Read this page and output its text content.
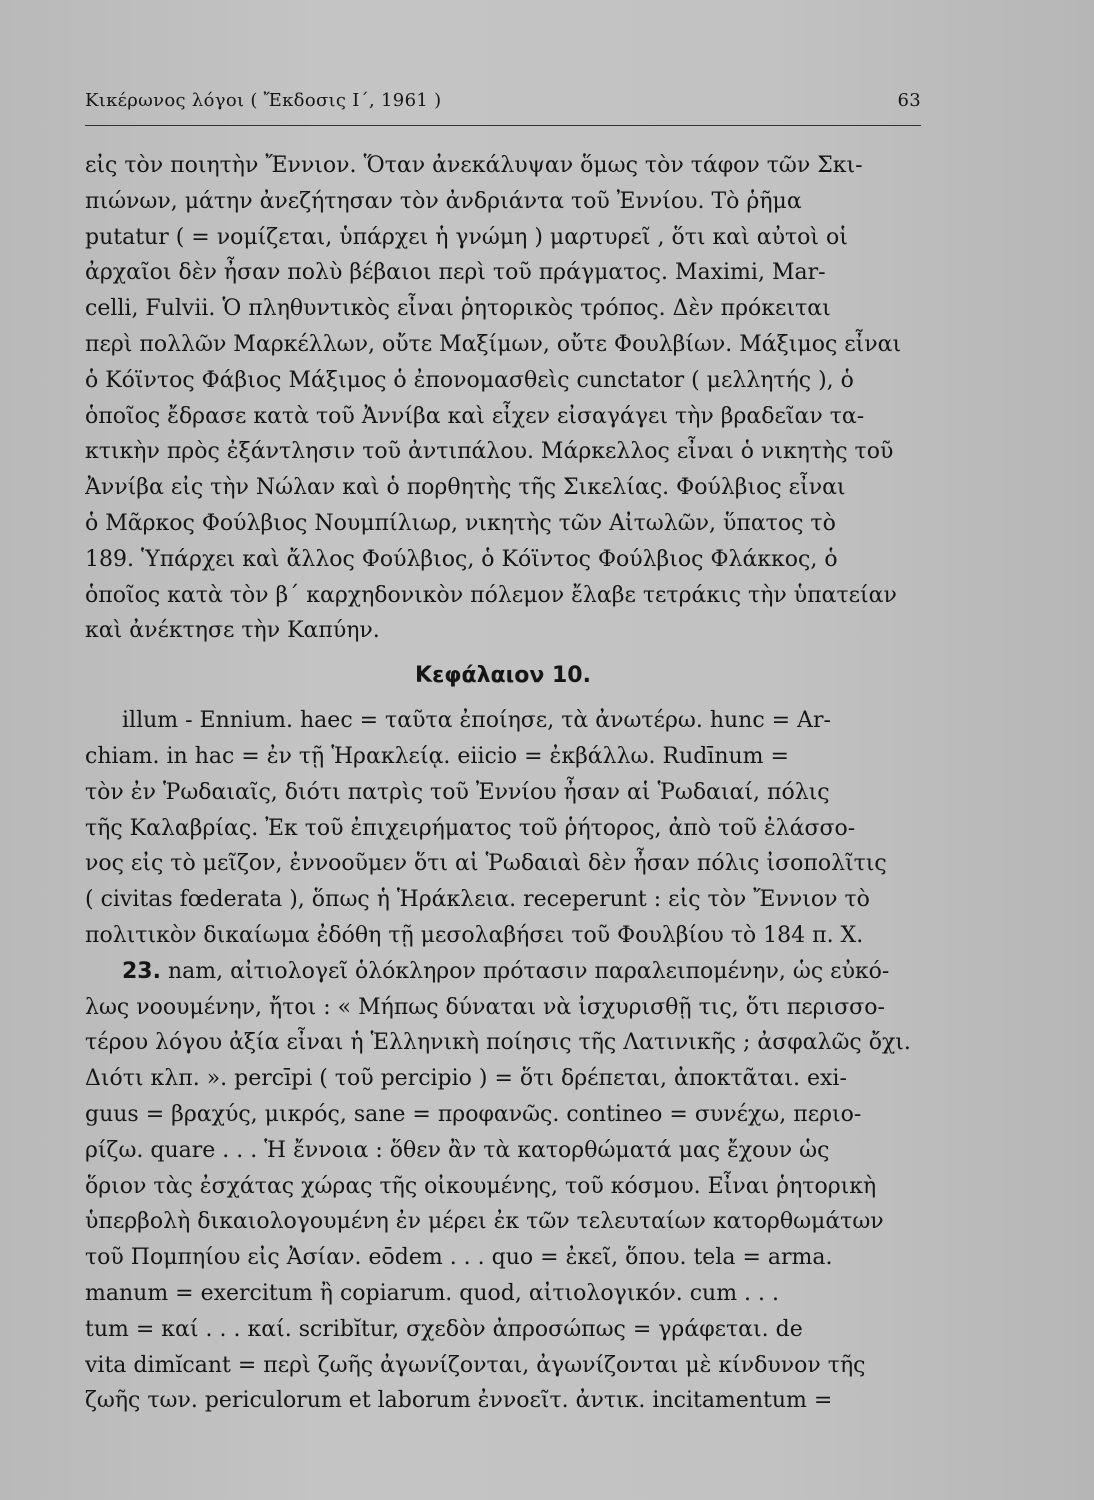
Κικέρωνος λόγοι ( Ἔκδοσις Ι΄, 1961 )	63
εἰς τὸν ποιητὴν Ἔννιον. Ὅταν ἀνεκάλυψαν ὅμως τὸν τάφον τῶν Σκι-
πιώνων, μάτην ἀνεζήτησαν τὸν ἀνδριάντα τοῦ Ἐννίου. Τὸ ῥῆμα
putatur ( = νομίζεται, ὑπάρχει ἡ γνώμη ) μαρτυρεῖ , ὅτι καὶ αὐτοὶ οἱ
ἀρχαῖοι δὲν ἦσαν πολὺ βέβαιοι περὶ τοῦ πράγματος. Maximi, Mar-
celli, Fulvii. Ὁ πληθυντικὸς εἶναι ῥητορικὸς τρόπος. Δὲν πρόκειται
περὶ πολλῶν Μαρκέλλων, οὔτε Μαξίμων, οὔτε Φουλβίων. Μάξιμος εἶναι
ὁ Κόϊντος Φάβιος Μάξιμος ὁ ἐπονομασθεὶς cunctator ( μελλητής ), ὁ
ὁποῖος ἔδρασε κατὰ τοῦ Ἀννίβα καὶ εἶχεν εἰσαγάγει τὴν βραδεῖαν τα-
κτικὴν πρὸς ἐξάντλησιν τοῦ ἀντιπάλου. Μάρκελλος εἶναι ὁ νικητὴς τοῦ
Ἀννίβα εἰς τὴν Νώλαν καὶ ὁ πορθητὴς τῆς Σικελίας. Φούλβιος εἶναι
ὁ Μᾶρκος Φούλβιος Νουμπίλιωρ, νικητὴς τῶν Αἰτωλῶν, ὕπατος τὸ
189. Ὑπάρχει καὶ ἄλλος Φούλβιος, ὁ Κόϊντος Φούλβιος Φλάκκος, ὁ
ὁποῖος κατὰ τὸν β΄ καρχηδονικὸν πόλεμον ἔλαβε τετράκις τὴν ὑπατείαν
καὶ ἀνέκτησε τὴν Καπύην.
Κεφάλαιον 10.
illum - Ennium. haec = ταῦτα ἐποίησε, τὰ ἀνωτέρω. hunc = Ar-
chiam. in hac = ἐν τῇ Ἡρακλείᾳ. eiicio = ἐκβάλλω. Rudīnum =
τὸν ἐν Ῥωδαιαῖς, διότι πατρὶς τοῦ Ἐννίου ἦσαν αἱ Ῥωδαιαί, πόλις
τῆς Καλαβρίας. Ἐκ τοῦ ἐπιχειρήματος τοῦ ῥήτορος, ἀπὸ τοῦ ἐλάσσο-
νος εἰς τὸ μεῖζον, ἐννοοῦμεν ὅτι αἱ Ῥωδαιαὶ δὲν ἦσαν πόλις ἰσοπολῖτις
( civitas fœderata ), ὅπως ἡ Ἡράκλεια. receperunt : εἰς τὸν Ἔννιον τὸ
πολιτικὸν δικαίωμα ἐδόθη τῇ μεσολαβήσει τοῦ Φουλβίου τὸ 184 π. Χ.
23. nam, αἰτιολογεῖ ὁλόκληρον πρότασιν παραλειπομένην, ὡς εὐκό-
λως νοουμένην, ἤτοι : « Μήπως δύναται νὰ ἰσχυρισθῇ τις, ὅτι περισσο-
τέρου λόγου ἀξία εἶναι ἡ Ἑλληνικὴ ποίησις τῆς Λατινικῆς ; ἀσφαλῶς ὄχι.
Διότι κλπ. ». percīpi ( τοῦ percipio ) = ὅτι δρέπεται, ἀποκτᾶται. exi-
guus = βραχύς, μικρός, sane = προφανῶς. contineo = συνέχω, περιο-
ρίζω. quare . . . Ἡ ἔννοια : ὅθεν ἂν τὰ κατορθώματά μας ἔχουν ὡς
ὅριον τὰς ἐσχάτας χώρας τῆς οἰκουμένης, τοῦ κόσμου. Εἶναι ῥητορικὴ
ὑπερβολὴ δικαιολογουμένη ἐν μέρει ἐκ τῶν τελευταίων κατορθωμάτων
τοῦ Πομπηίου εἰς Ἀσίαν. eōdem . . . quo = ἐκεῖ, ὅπου. tela = arma.
manum = exercitum ἢ copiarum. quod, αἰτιολογικόν. cum . . .
tum = καί . . . καί. scribĭtur, σχεδὸν ἀπροσώπως = γράφεται. de
vita dimĭcant = περὶ ζωῆς ἀγωνίζονται, ἀγωνίζονται μὲ κίνδυνον τῆς
ζωῆς των. periculorum et laborum ἐννοεῖτ. ἀντικ. incitamentum =
